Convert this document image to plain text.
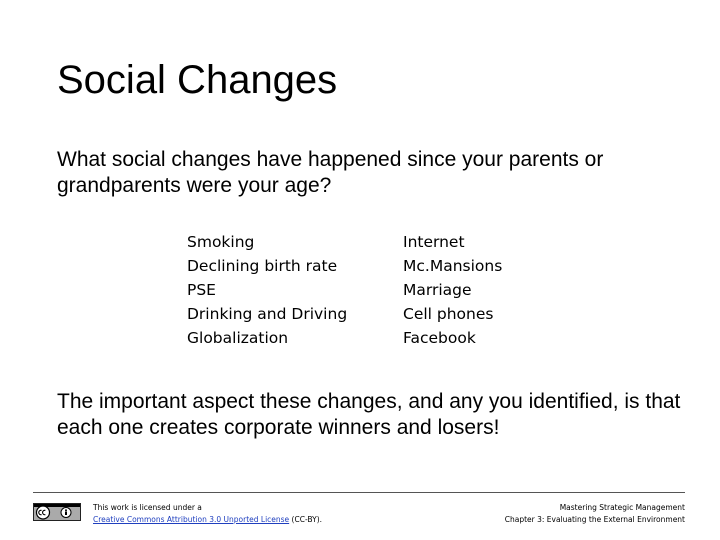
Social Changes
What social changes have happened since your parents or grandparents were your age?
Smoking
Declining birth rate
PSE
Drinking and Driving
Globalization
Internet
Mc.Mansions
Marriage
Cell phones
Facebook
The important aspect these changes, and any you identified, is that each one creates corporate winners and losers!
This work is licensed under a
Creative Commons Attribution 3.0 Unported License (CC-BY).
Mastering Strategic Management
Chapter 3: Evaluating the External Environment
